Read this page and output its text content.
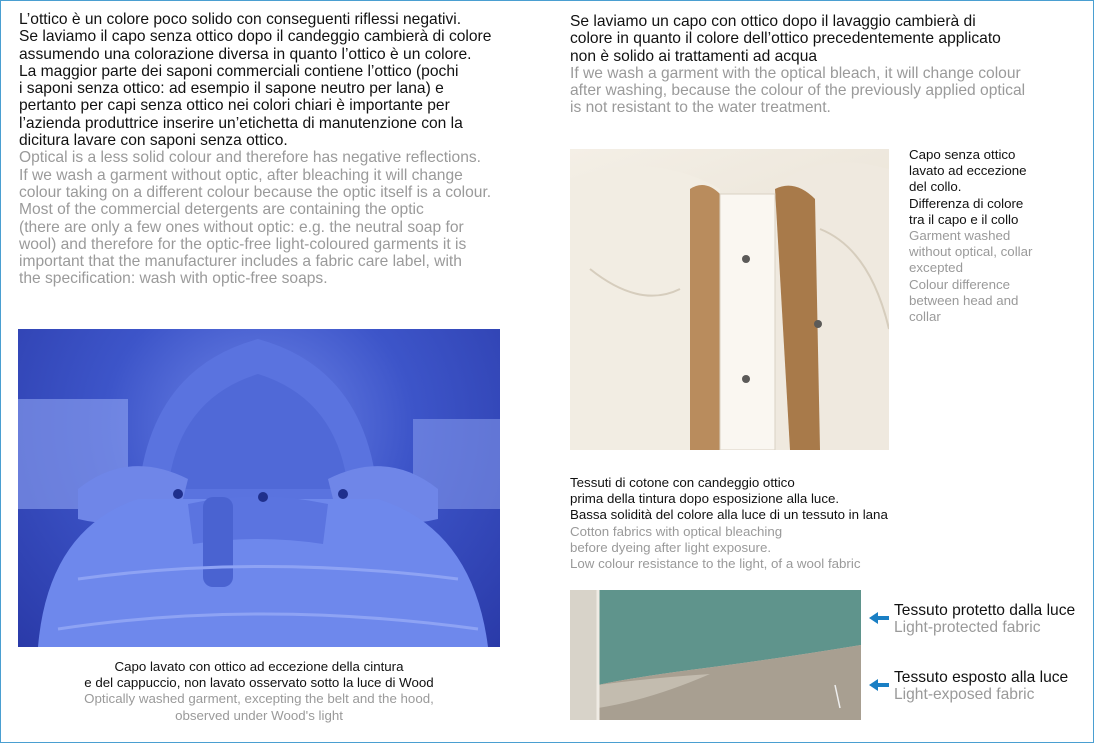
L’ottico è un colore poco solido con conseguenti riflessi negativi.

Se laviamo il capo senza ottico dopo il candeggio cambierà di colore

assumendo una colorazione diversa in quanto l’ottico è un colore.

La maggior parte dei saponi commerciali contiene l’ottico (pochi

i saponi senza ottico: ad esempio il sapone neutro per lana) e

pertanto per capi senza ottico nei colori chiari è importante per

l’azienda produttrice inserire un’etichetta di manutenzione con la

dicitura lavare con saponi senza ottico.

Optical is a less solid colour and therefore has negative reflections.

If we wash a garment without optic, after bleaching it will change

colour taking on a different colour because the optic itself is a colour.

Most of the commercial detergents are containing the optic

(there are only a few ones without optic: e.g. the neutral soap for

wool) and therefore for the optic-free light-coloured garments it is

important that the manufacturer includes a fabric care label, with

the specification: wash with optic-free soaps.

Se laviamo un capo con ottico dopo il lavaggio cambierà di

colore in quanto il colore dell’ottico precedentemente applicato

non è solido ai trattamenti ad acqua

If we wash a garment with the optical bleach, it will change colour

after washing, because the colour of the previously applied optical

is not resistant to the water treatment.

Capo lavato con ottico ad eccezione della cintura
e del cappuccio, non lavato osservato sotto la luce di Wood
Optically washed garment, excepting the belt and the hood,
observed under Wood's light
Capo senza ottico
lavato ad eccezione
del collo.
Differenza di colore
tra il capo e il collo
Garment washed
without optical, collar
excepted
Colour difference
between head and
collar
Tessuti di cotone con candeggio ottico
prima della tintura dopo esposizione alla luce.
Bassa solidità del colore alla luce di un tessuto in lana
Cotton fabrics with optical bleaching
before dyeing after light exposure.
Low colour resistance to the light, of a wool fabric
Tessuto protetto dalla luce
Light-protected fabric
Tessuto esposto alla luce
Light-exposed fabric
